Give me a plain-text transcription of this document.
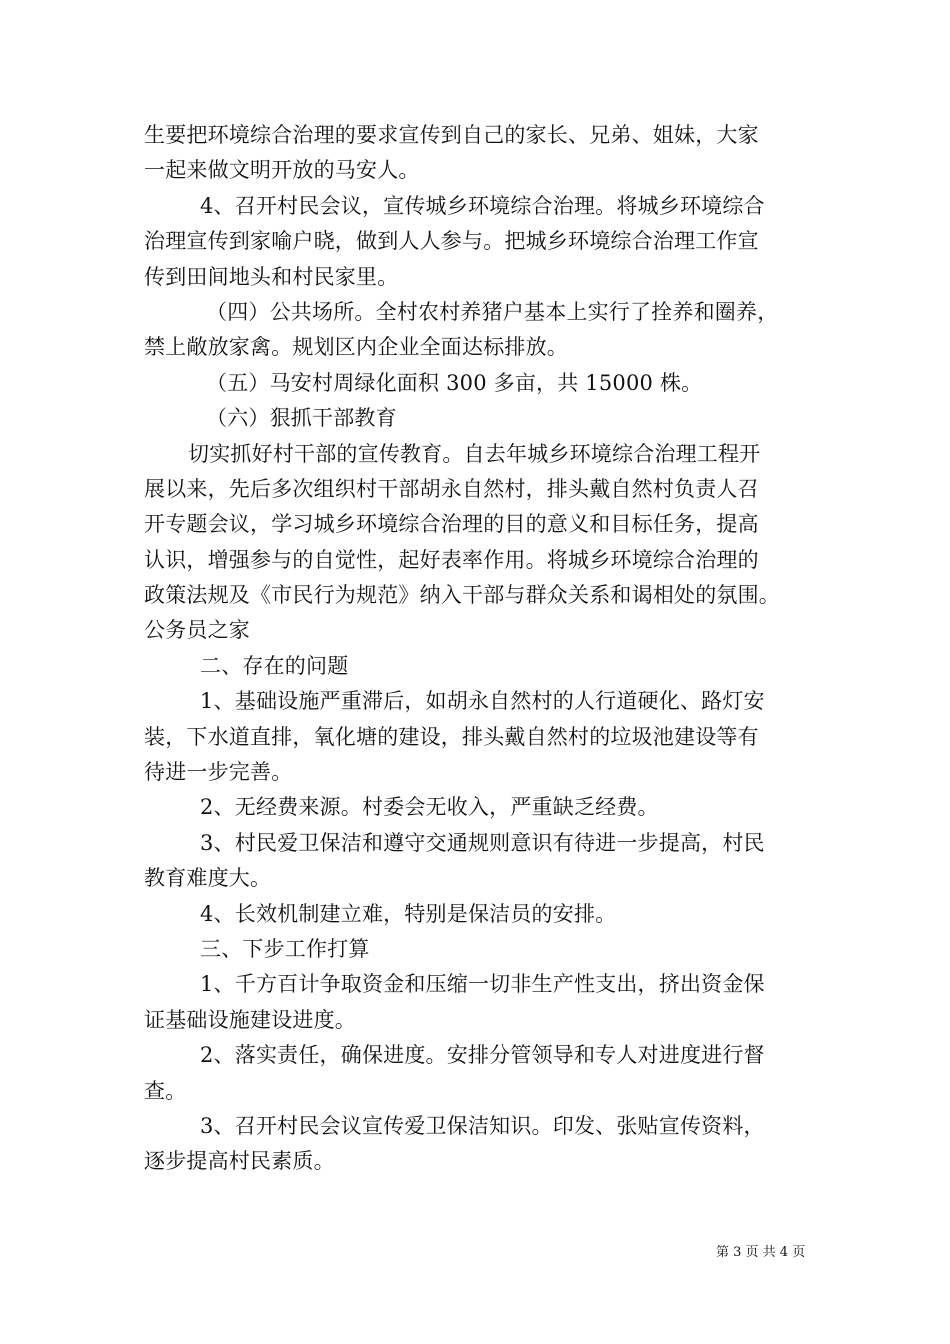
生要把环境综合治理的要求宣传到自己的家长、兄弟、姐妹，大家
一起来做文明开放的马安人。
4、召开村民会议，宣传城乡环境综合治理。将城乡环境综合
治理宣传到家喻户晓，做到人人参与。把城乡环境综合治理工作宣
传到田间地头和村民家里。
（四）公共场所。全村农村养猪户基本上实行了拴养和圈养，
禁上敞放家禽。规划区内企业全面达标排放。
（五）马安村周绿化面积 300 多亩，共 15000 株。
（六）狠抓干部教育
切实抓好村干部的宣传教育。自去年城乡环境综合治理工程开
展以来，先后多次组织村干部胡永自然村，排头戴自然村负责人召
开专题会议，学习城乡环境综合治理的目的意义和目标任务，提高
认识，增强参与的自觉性，起好表率作用。将城乡环境综合治理的
政策法规及《市民行为规范》纳入干部与群众关系和谒相处的氛围。
公务员之家
二、存在的问题
1、基础设施严重滞后，如胡永自然村的人行道硬化、路灯安
装，下水道直排，氧化塘的建设，排头戴自然村的垃圾池建设等有
待进一步完善。
2、无经费来源。村委会无收入，严重缺乏经费。
3、村民爱卫保洁和遵守交通规则意识有待进一步提高，村民
教育难度大。
4、长效机制建立难，特别是保洁员的安排。
三、下步工作打算
1、千方百计争取资金和压缩一切非生产性支出，挤出资金保
证基础设施建设进度。
2、落实责任，确保进度。安排分管领导和专人对进度进行督
查。
3、召开村民会议宣传爱卫保洁知识。印发、张贴宣传资料，
逐步提高村民素质。
第 3 页 共 4 页
